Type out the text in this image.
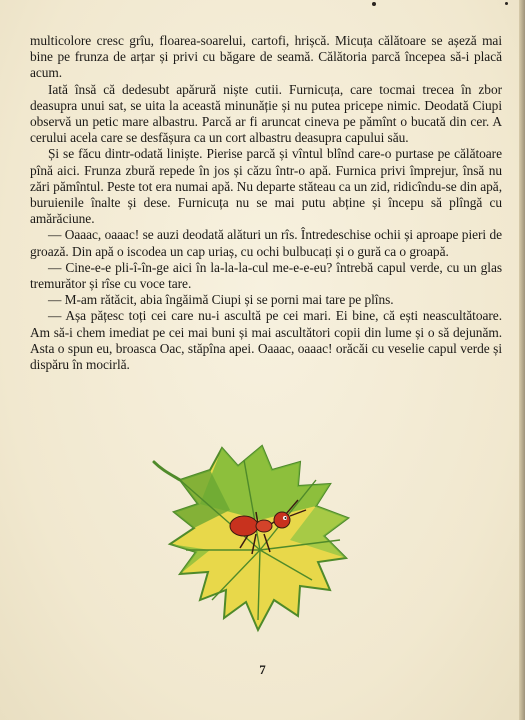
multicolore cresc grîu, floarea-soarelui, cartofi, hrișcă. Micuța călătoare se așeză mai bine pe frunza de arțar și privi cu băgare de seamă. Călătoria parcă începea să-i placă acum.

Iată însă că dedesubt apărură niște cutii. Furnicuța, care tocmai trecea în zbor deasupra unui sat, se uita la această minunăție și nu putea pricepe nimic. Deodată Ciupi observă un petic mare albastru. Parcă ar fi aruncat cineva pe pămînt o bucată din cer. A cerului acela care se desfășura ca un cort albastru deasupra capului său.

Și se făcu dintr-odată liniște. Pierise parcă și vîntul blînd care-o purtase pe călătoare pînă aici. Frunza zbură repede în jos și căzu într-o apă. Furnica privi împrejur, însă nu zări pămîntul. Peste tot era numai apă. Nu departe stăteau ca un zid, ridicîndu-se din apă, buruienile înalte și dese. Furnicuța nu se mai putu abține și începu să plîngă cu amărăciune.

— Oaaac, oaaac! se auzi deodată alături un rîs. Întredeschise ochii și aproape pieri de groază. Din apă o iscodea un cap uriaș, cu ochi bulbucați și o gură ca o groapă.

— Cine-e-e pli-î-în-ge aici în la-la-la-cul me-e-e-eu? întrebă capul verde, cu un glas tremurător și rîse cu voce tare.

— M-am rătăcit, abia îngăimă Ciupi și se porni mai tare pe plîns.

— Așa pățesc toți cei care nu-i ascultă pe cei mari. Ei bine, că ești neascultătoare. Am să-i chem imediat pe cei mai buni și mai ascultători copii din lume și o să dejunăm. Asta o spun eu, broasca Oac, stăpîna apei. Oaaac, oaaac! orăcăi cu veselie capul verde și dispăru în mocirlă.

7
